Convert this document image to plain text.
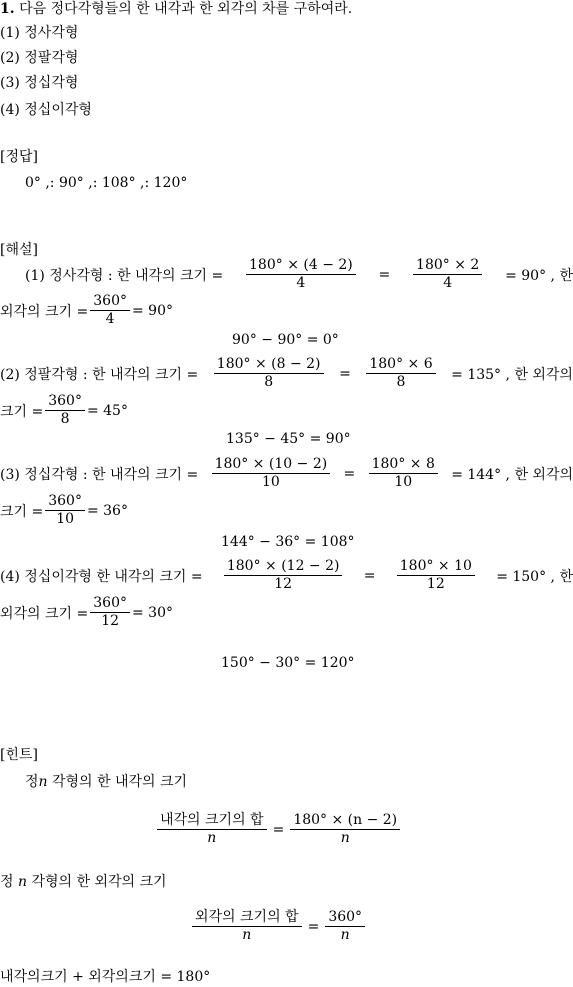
1. 다음 정다각형들의 한 내각과 한 외각의 차를 구하여라.
(1) 정사각형
(2) 정팔각형
(3) 정십각형
(4) 정십이각형
[정답]
0° ,: 90° ,: 108° ,: 120°
[해설]
(1) 정사각형 : 한 내각의 크기 = $\frac{180^\circ \times (4 - 2)}{4} = \frac{180^\circ \times 2}{4} = 90^\circ$ , 한
외각의 크기 = $\frac{360^\circ}{4} = 90^\circ$
90° − 90° = 0°
(2) 정팔각형 : 한 내각의 크기 = $\frac{180^\circ \times (8 - 2)}{8} = \frac{180^\circ \times 6}{8} = 135^\circ$ , 한 외각의
크기 = $\frac{360^\circ}{8} = 45^\circ$
135° − 45° = 90°
(3) 정십각형 : 한 내각의 크기 = $\frac{180^\circ \times (10 - 2)}{10} = \frac{180^\circ \times 8}{10} = 144^\circ$ , 한 외각의
크기 = $\frac{360^\circ}{10} = 36^\circ$
144° − 36° = 108°
(4) 정십이각형 한 내각의 크기 = $\frac{180^\circ \times (12 - 2)}{12} = \frac{180^\circ \times 10}{12} = 150^\circ$ , 한
외각의 크기 = $\frac{360^\circ}{12} = 30^\circ$
150° − 30° = 120°
[힌트]
정n 각형의 한 내각의 크기
$\frac{\text{내각의 크기의 합}}{n} = \frac{180^\circ \times (n - 2)}{n}$
정 n 각형의 한 외각의 크기
$\frac{\text{외각의 크기의 합}}{n} = \frac{360^\circ}{n}$
내각의크기 + 외각의크기 = 180°
